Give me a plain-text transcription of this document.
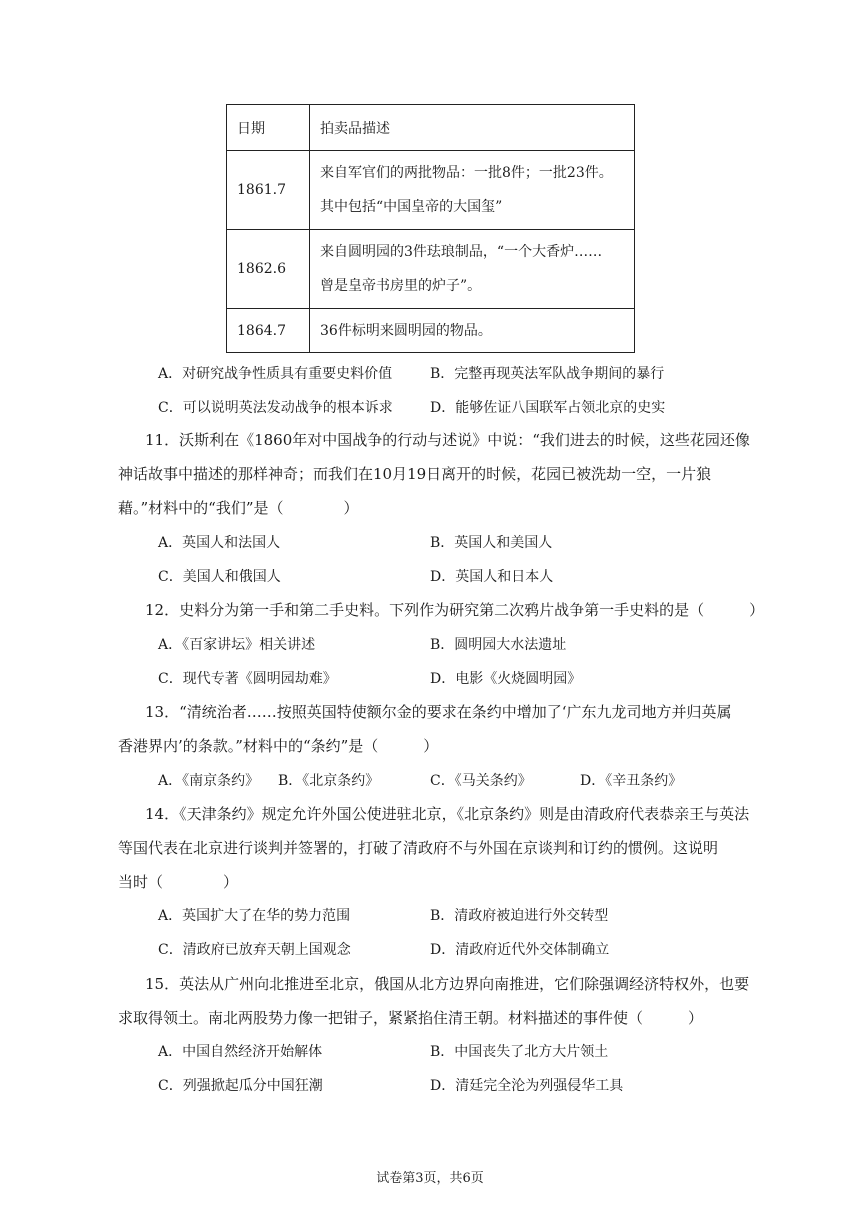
日期	拍卖品描述
1861.7	来自军官们的两批物品：一批8件；一批23件。
其中包括“中国皇帝的大国玺”

1862.6	来自圆明园的3件珐琅制品，“一个大香炉……
曾是皇帝书房里的炉子”。

1864.7	36件标明来圆明园的物品。
A．对研究战争性质具有重要史料价值	B．完整再现英法军队战争期间的暴行
C．可以说明英法发动战争的根本诉求	D．能够佐证八国联军占领北京的史实
11．沃斯利在《1860年对中国战争的行动与述说》中说：“我们进去的时候，这些花园还像
神话故事中描述的那样神奇；而我们在10月19日离开的时候，花园已被洗劫一空，一片狼
藉。”材料中的“我们”是（　　　　）
A．英国人和法国人	B．英国人和美国人
C．美国人和俄国人	D．英国人和日本人
12．史料分为第一手和第二手史料。下列作为研究第二次鸦片战争第一手史料的是（　　　）
A．《百家讲坛》相关讲述	B．圆明园大水法遗址
C．现代专著《圆明园劫难》	D．电影《火烧圆明园》
13．“清统治者……按照英国特使额尔金的要求在条约中增加了‘广东九龙司地方并归英属
香港界内’的条款。”材料中的“条约”是（　　　）
A．《南京条约》 B．《北京条约》	C．《马关条约》	D．《辛丑条约》
14．《天津条约》规定允许外国公使进驻北京，《北京条约》则是由清政府代表恭亲王与英法
等国代表在北京进行谈判并签署的，打破了清政府不与外国在京谈判和订约的惯例。这说明
当时（　　　　）
A．英国扩大了在华的势力范围	B．清政府被迫进行外交转型
C．清政府已放弃天朝上国观念	D．清政府近代外交体制确立
15．英法从广州向北推进至北京，俄国从北方边界向南推进，它们除强调经济特权外，也要
求取得领土。南北两股势力像一把钳子，紧紧掐住清王朝。材料描述的事件使（　　　）
A．中国自然经济开始解体	B．中国丧失了北方大片领土
C．列强掀起瓜分中国狂潮	D．清廷完全沦为列强侵华工具
试卷第3页，共6页
